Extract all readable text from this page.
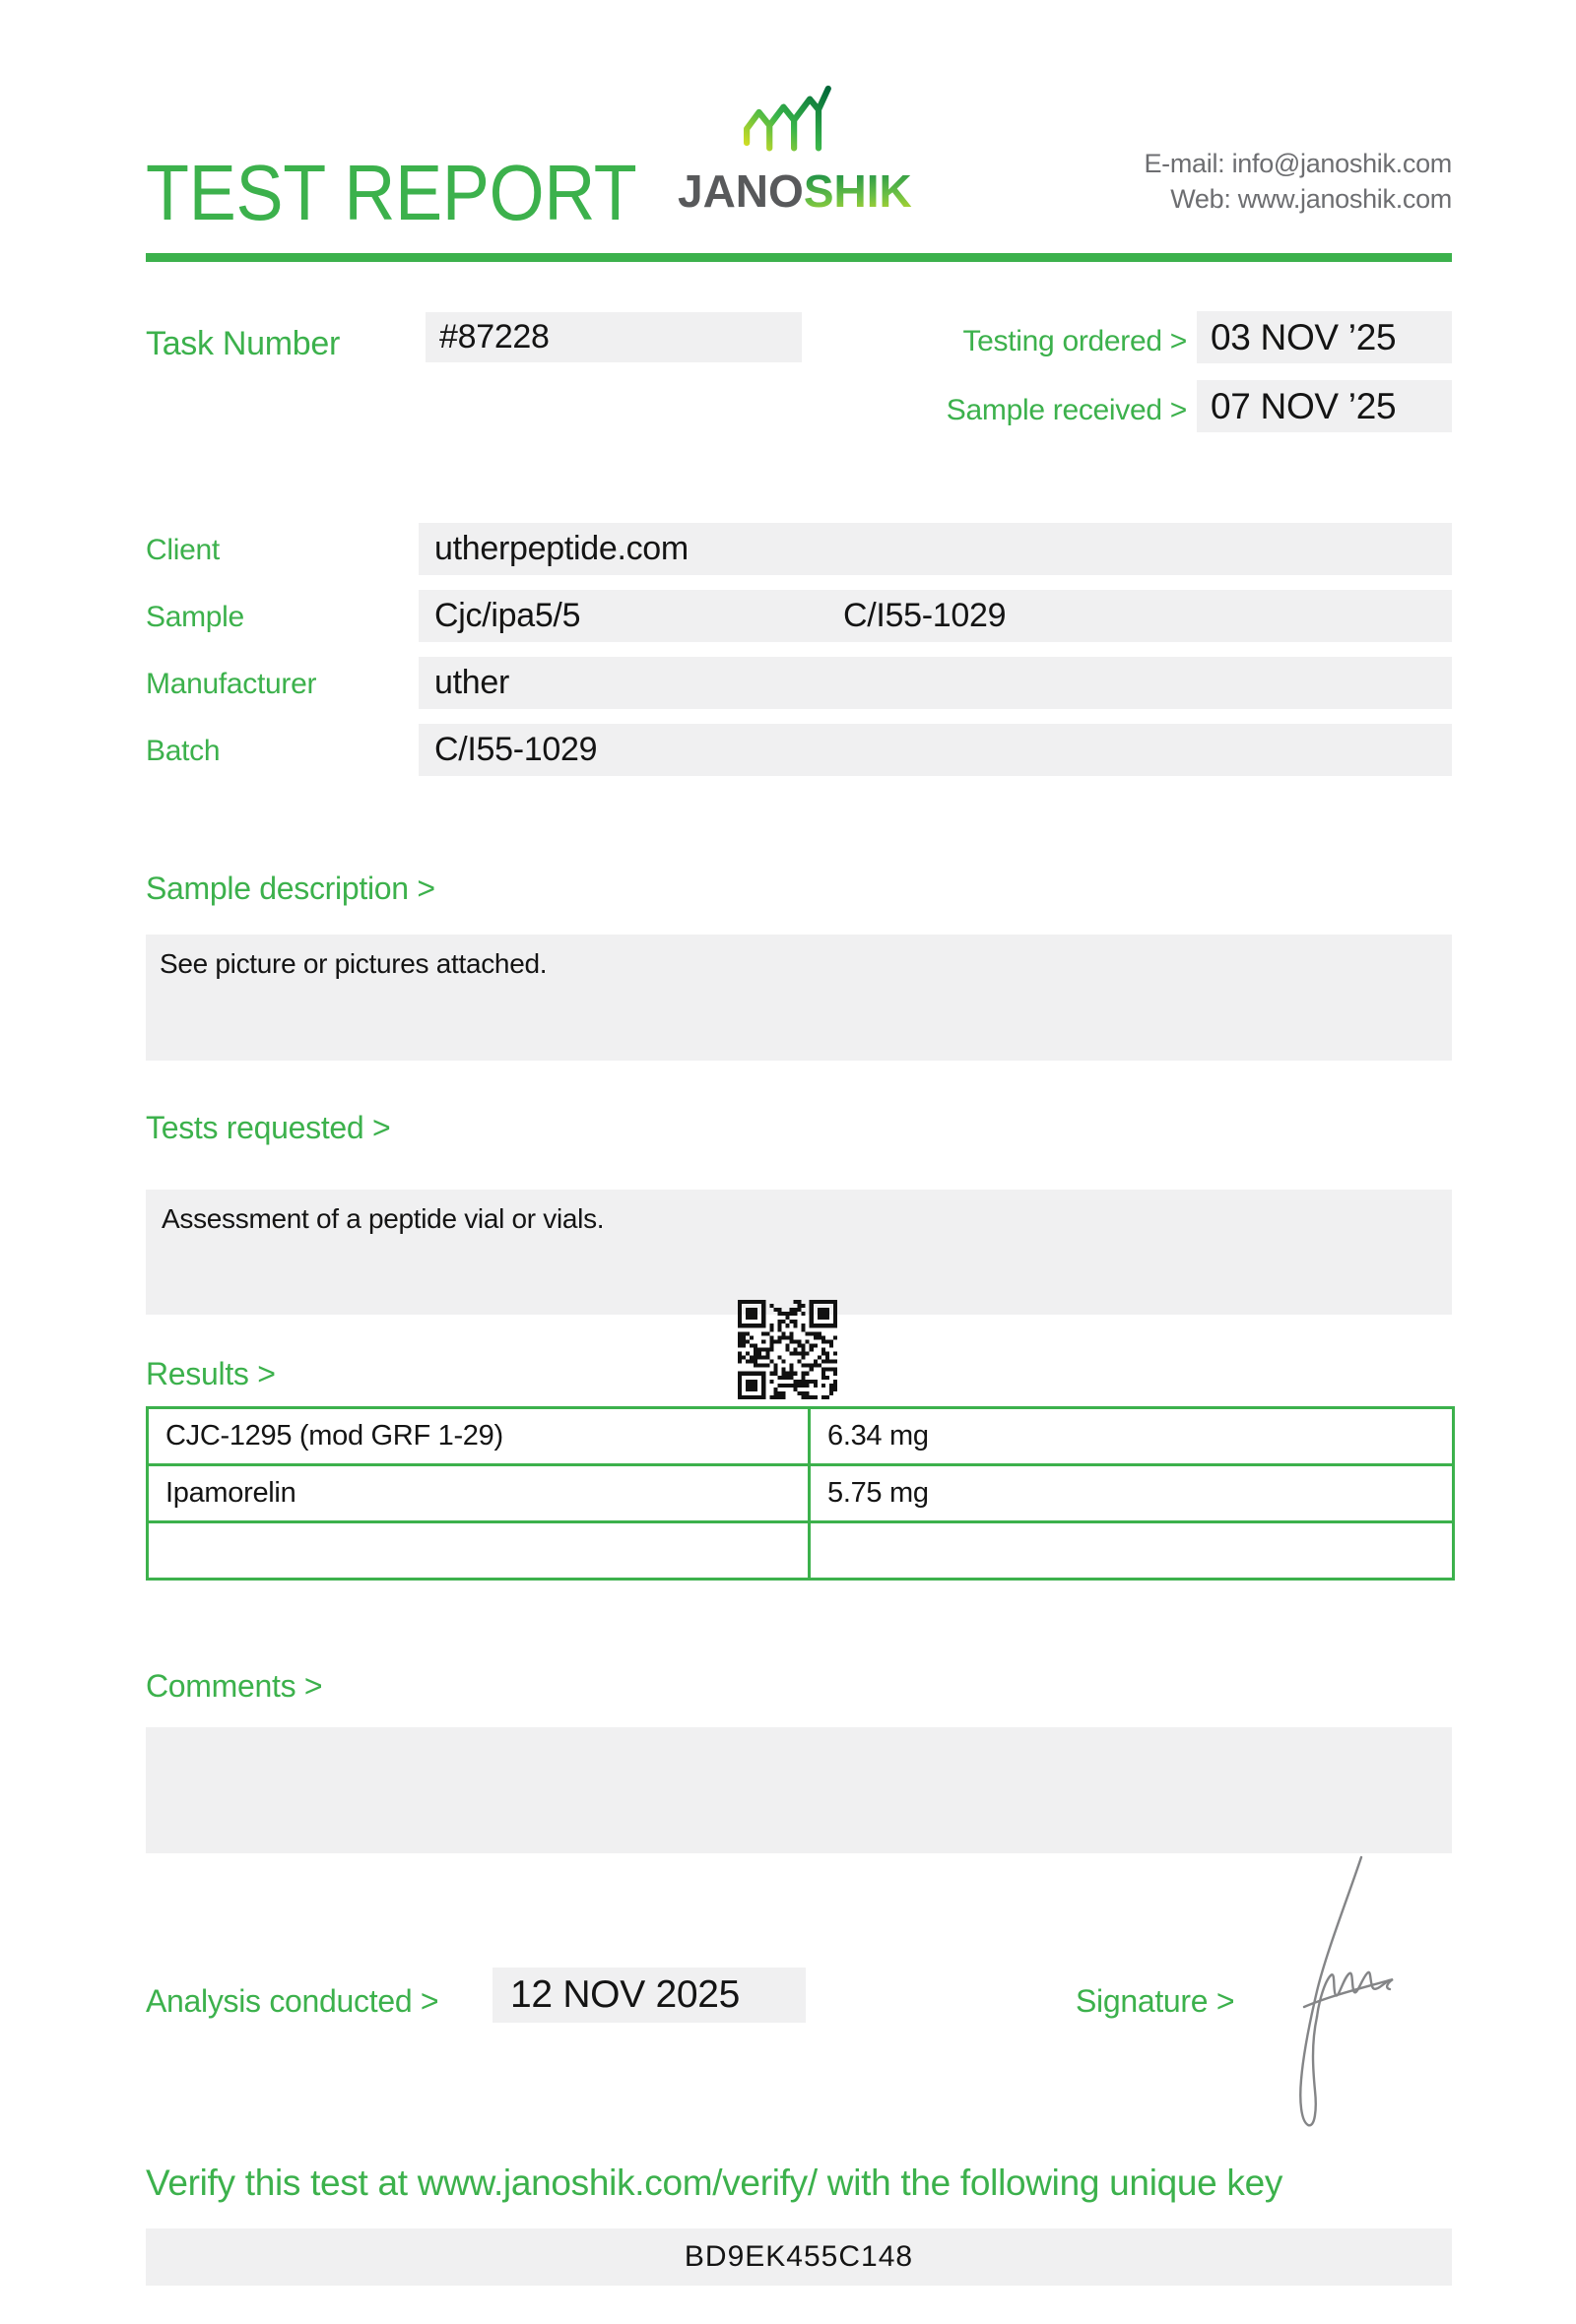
TEST REPORT JANOSHIK
E-mail: info@janoshik.com
Web: www.janoshik.com
Task Number	#87228	Testing ordered > 03 NOV ’25
Sample received > 07 NOV ’25
Client	utherpeptide.com
Sample	Cjc/ipa5/5	C/I55-1029
Manufacturer	uther
Batch	C/I55-1029
Sample description >
See picture or pictures attached.
Tests requested >
Assessment of a peptide vial or vials.
Results >
CJC-1295 (mod GRF 1-29)	6.34 mg
Ipamorelin	5.75 mg

Comments >
Analysis conducted >	12 NOV 2025	Signature >
Verify this test at www.janoshik.com/verify/ with the following unique key
BD9EK455C148
